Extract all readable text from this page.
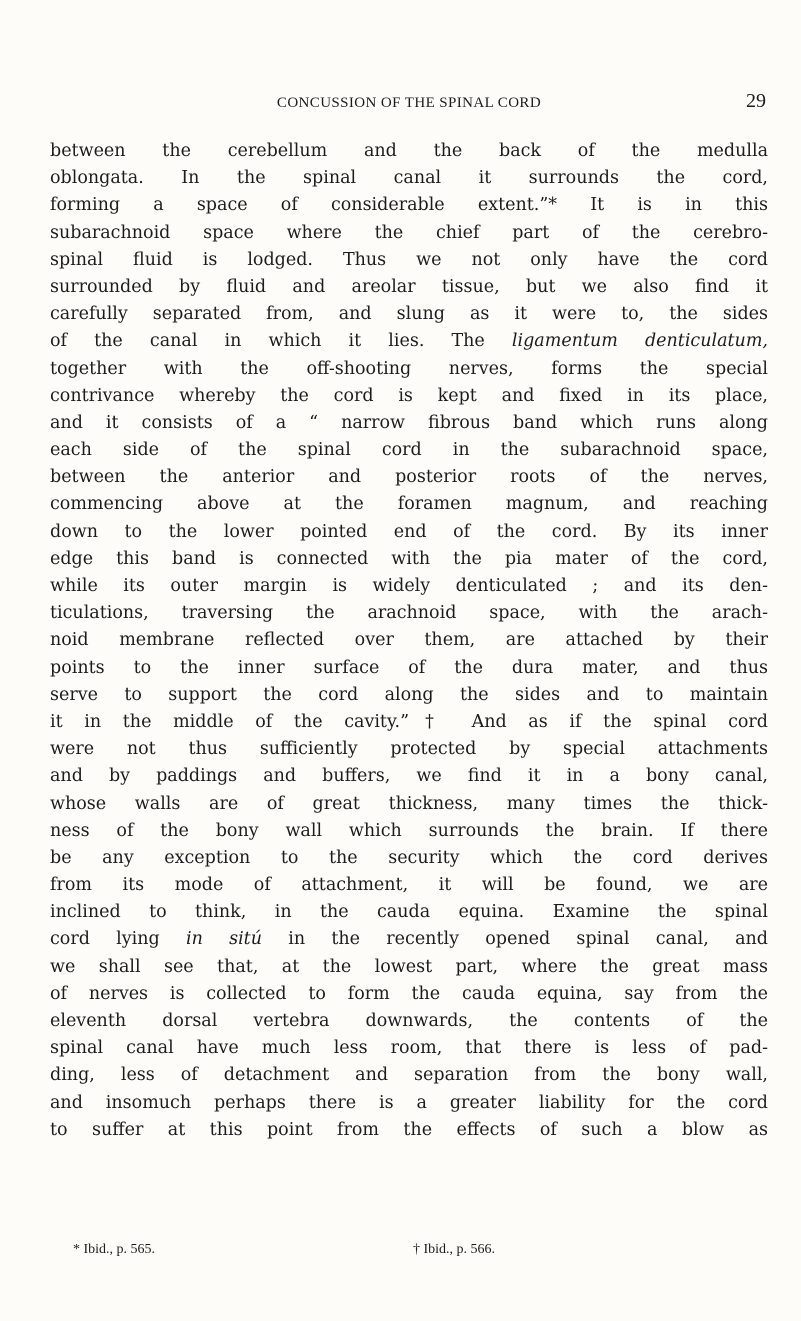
CONCUSSION OF THE SPINAL CORD	29
between the cerebellum and the back of the medulla
oblongata. In the spinal canal it surrounds the cord,
forming a space of considerable extent.”* It is in this
subarachnoid space where the chief part of the cerebro-
spinal fluid is lodged. Thus we not only have the cord
surrounded by fluid and areolar tissue, but we also find it
carefully separated from, and slung as it were to, the sides
of the canal in which it lies. The ligamentum denticulatum,
together with the off-shooting nerves, forms the special
contrivance whereby the cord is kept and fixed in its place,
and it consists of a “ narrow fibrous band which runs along
each side of the spinal cord in the subarachnoid space,
between the anterior and posterior roots of the nerves,
commencing above at the foramen magnum, and reaching
down to the lower pointed end of the cord. By its inner
edge this band is connected with the pia mater of the cord,
while its outer margin is widely denticulated ; and its den-
ticulations, traversing the arachnoid space, with the arach-
noid membrane reflected over them, are attached by their
points to the inner surface of the dura mater, and thus
serve to support the cord along the sides and to maintain
it in the middle of the cavity.”† And as if the spinal cord
were not thus sufficiently protected by special attachments
and by paddings and buffers, we find it in a bony canal,
whose walls are of great thickness, many times the thick-
ness of the bony wall which surrounds the brain. If there
be any exception to the security which the cord derives
from its mode of attachment, it will be found, we are
inclined to think, in the cauda equina. Examine the spinal
cord lying in sitú in the recently opened spinal canal, and
we shall see that, at the lowest part, where the great mass
of nerves is collected to form the cauda equina, say from the
eleventh dorsal vertebra downwards, the contents of the
spinal canal have much less room, that there is less of pad-
ding, less of detachment and separation from the bony wall,
and insomuch perhaps there is a greater liability for the cord
to suffer at this point from the effects of such a blow as
* Ibid., p. 565.	† Ibid., p. 566.
